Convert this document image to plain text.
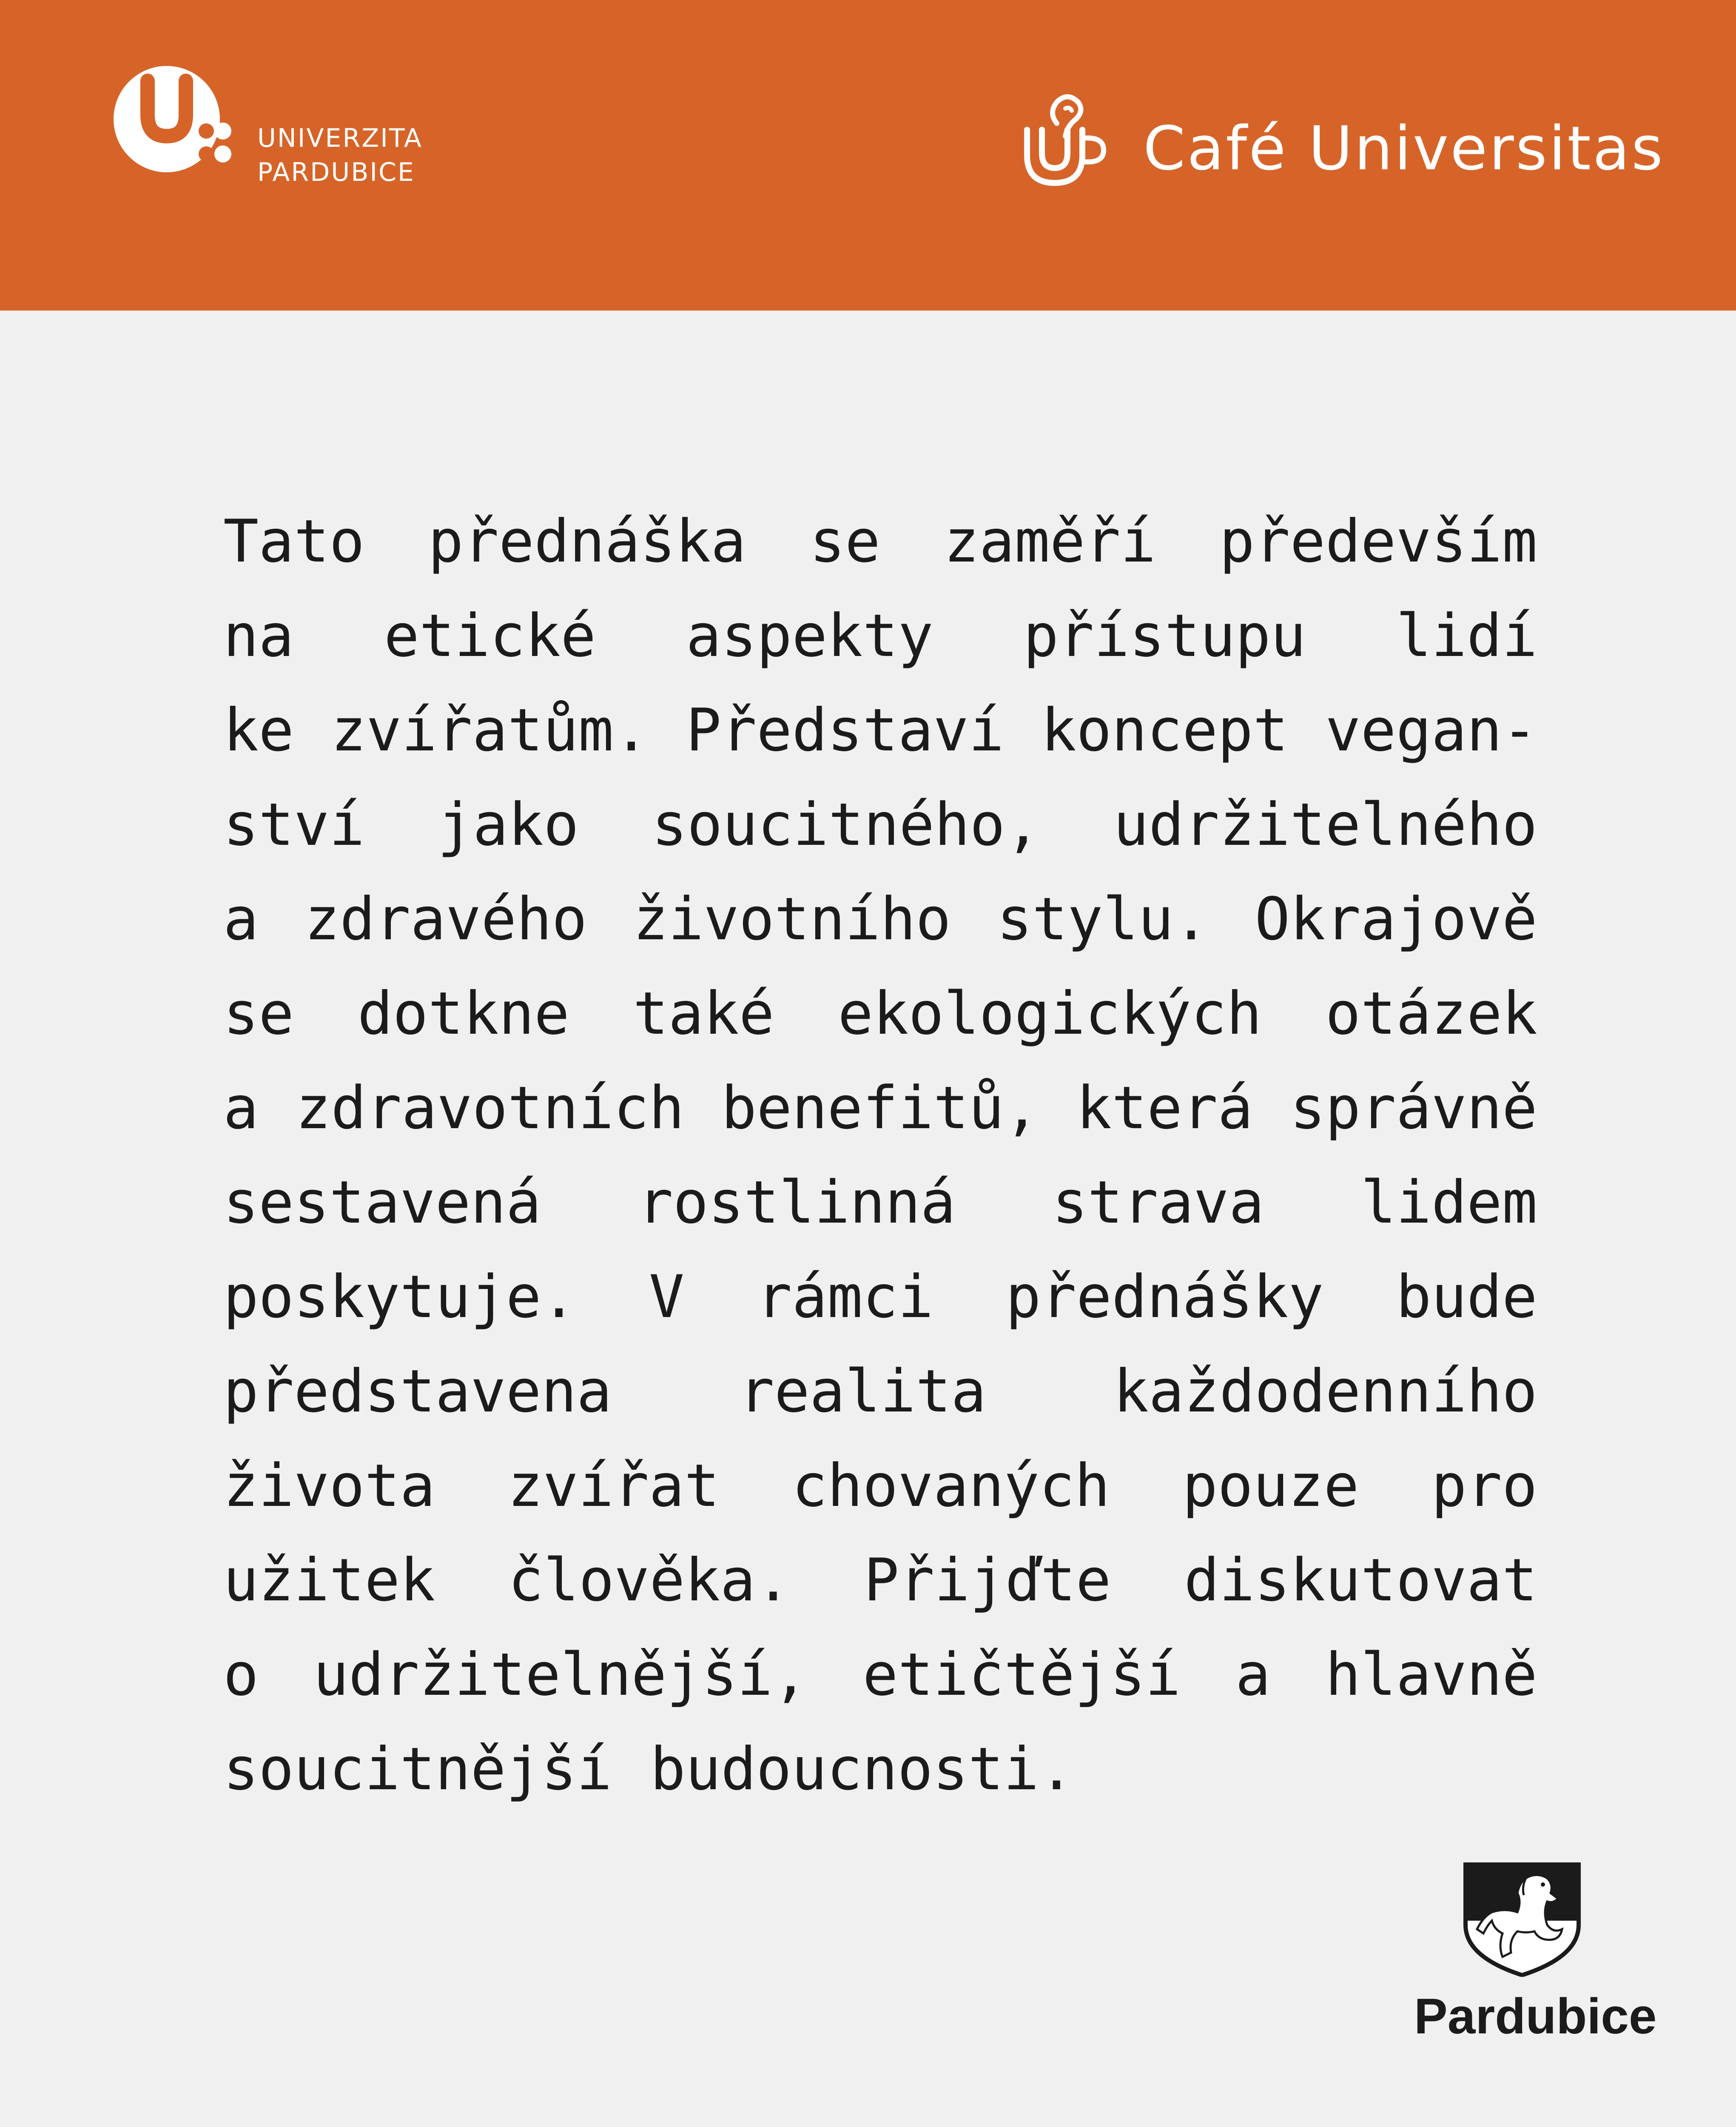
UNIVERZITA
PARDUBICE	Café Universitas
Tato přednáška se zaměří především
na etické aspekty přístupu lidí
ke zvířatům. Představí koncept vegan-
ství jako soucitného, udržitelného
a zdravého životního stylu. Okrajově
se dotkne také ekologických otázek
a zdravotních benefitů, která správně
sestavená rostlinná strava lidem
poskytuje. V rámci přednášky bude
představena realita každodenního
života zvířat chovaných pouze pro
užitek člověka. Přijďte diskutovat
o udržitelnější, etičtější a hlavně
soucitnější budoucnosti.
Pardubice
